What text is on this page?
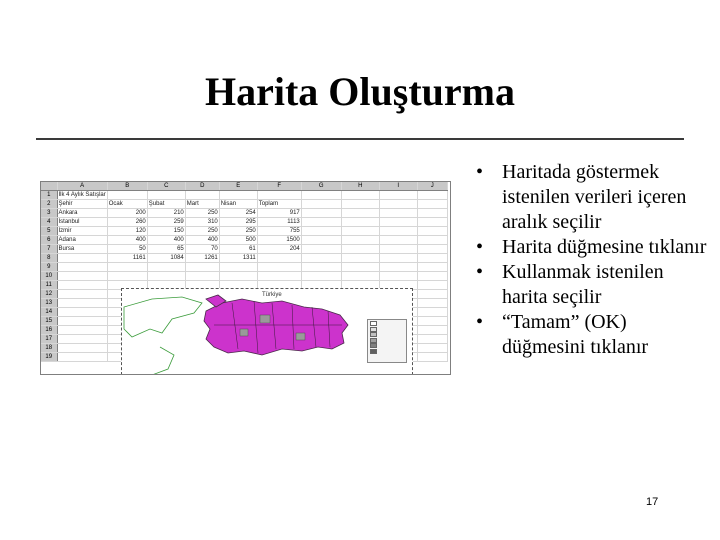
Harita Oluşturma
	A	B	C	D	E	F	G	H	I	J
1	İlk 4 Aylık Satışlar									
2	Şehir	Ocak	Şubat	Mart	Nisan	Toplam				
3	Ankara	200	210	250	254	917				
4	İstanbul	260	259	310	295	1113				
5	İzmir	120	150	250	250	755				
6	Adana	400	400	400	500	1500				
7	Bursa	50	65	70	61	204				
8		1161	1084	1261	1311					
9										
10										
11										
12										
13										
14										
15										
16										
17										
18										
19										
Türkiye
• Haritada göstermek istenilen verileri içeren aralık seçilir
• Harita düğmesine tıklanır
• Kullanmak istenilen harita seçilir
• “Tamam” (OK) düğmesini tıklanır
17
